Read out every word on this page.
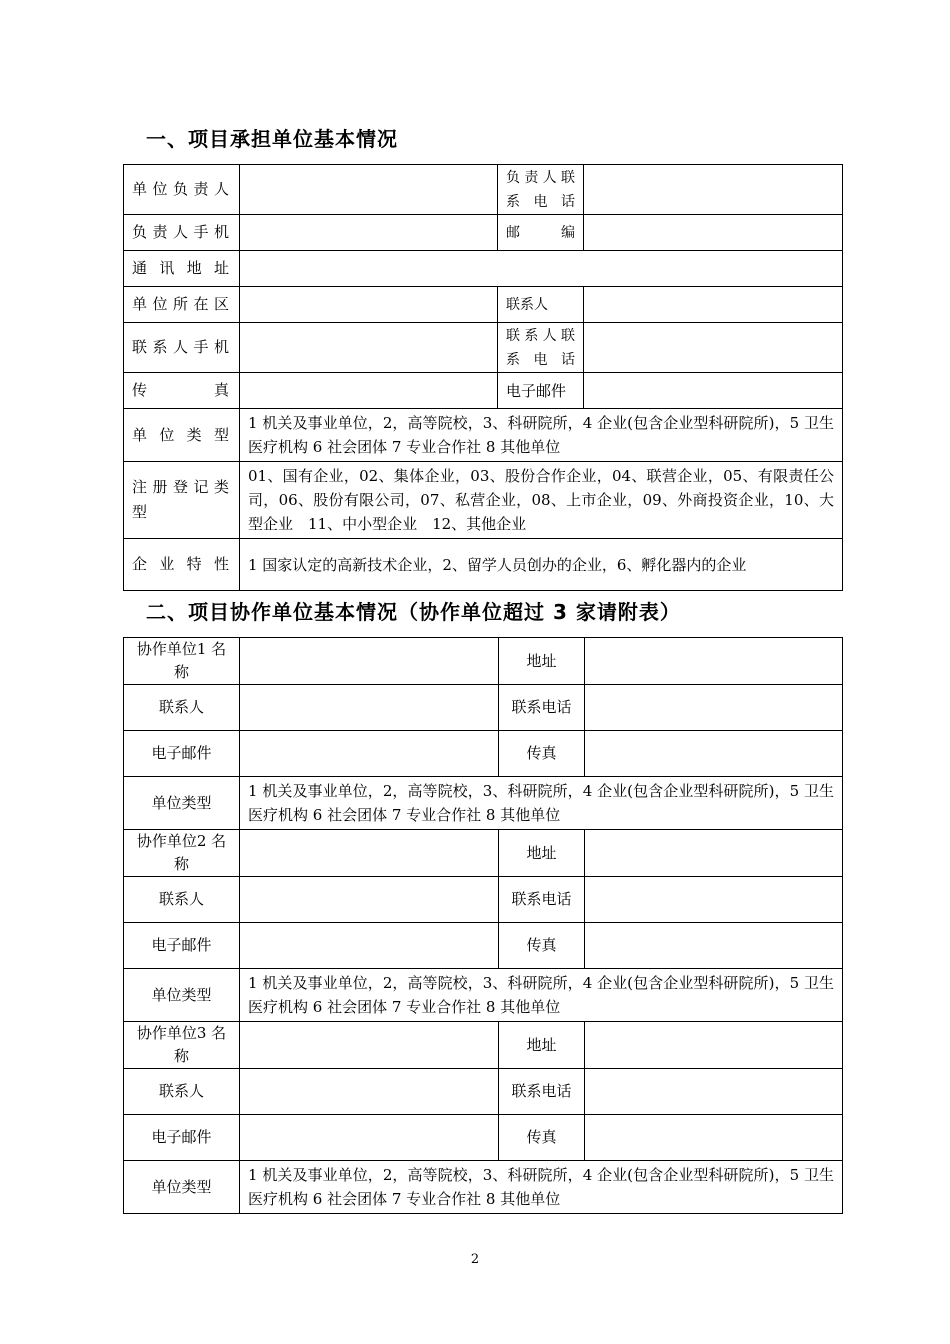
一、项目承担单位基本情况
单位负责人		负责人联系电话	
负责人手机		邮编	
通讯地址			
单位所在区		联系人	
联系人手机		联系人联系电话	
传真		电子邮件	
单位类型	1 机关及事业单位，2，高等院校，3、科研院所，4 企业(包含企业型科研院所)，5 卫生医疗机构 6 社会团体 7 专业合作社 8 其他单位		
注册登记类型	01、国有企业，02、集体企业，03、股份合作企业，04、联营企业，05、有限责任公司，06、股份有限公司，07、私营企业，08、上市企业，09、外商投资企业，10、大型企业　11、中小型企业　12、其他企业		
企业特性	1 国家认定的高新技术企业，2、留学人员创办的企业，6、孵化器内的企业		
二、项目协作单位基本情况（协作单位超过 3 家请附表）
协作单位1 名称		地址	
联系人		联系电话	
电子邮件		传真	
单位类型	1 机关及事业单位，2，高等院校，3、科研院所，4 企业(包含企业型科研院所)，5 卫生医疗机构 6 社会团体 7 专业合作社 8 其他单位		
协作单位2 名称		地址	
联系人		联系电话	
电子邮件		传真	
单位类型	1 机关及事业单位，2，高等院校，3、科研院所，4 企业(包含企业型科研院所)，5 卫生医疗机构 6 社会团体 7 专业合作社 8 其他单位		
协作单位3 名称		地址	
联系人		联系电话	
电子邮件		传真	
单位类型	1 机关及事业单位，2，高等院校，3、科研院所，4 企业(包含企业型科研院所)，5 卫生医疗机构 6 社会团体 7 专业合作社 8 其他单位		
2
